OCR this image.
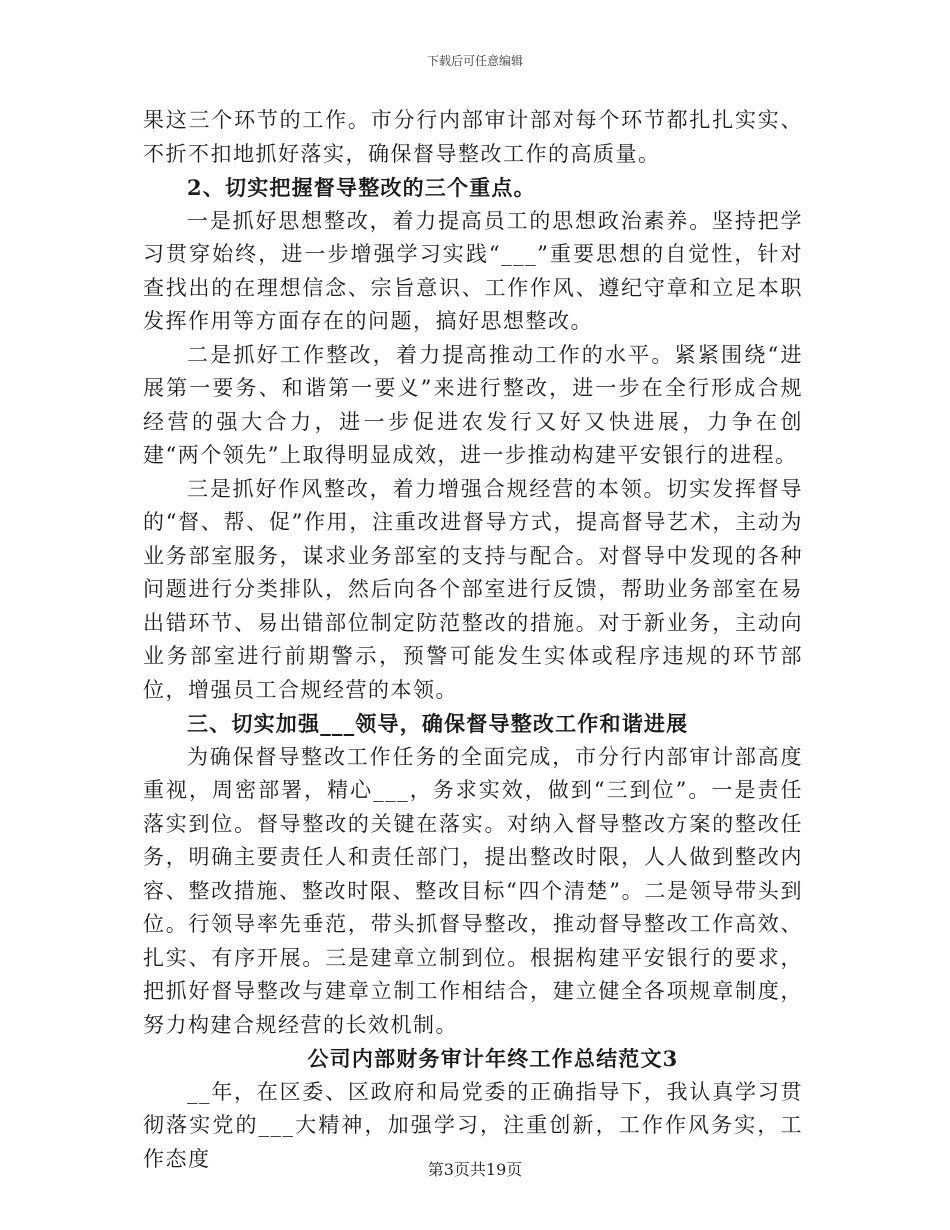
下载后可任意编辑

果这三个环节的工作。市分行内部审计部对每个环节都扎扎实实、不折不扣地抓好落实，确保督导整改工作的高质量。

2、切实把握督导整改的三个重点。

一是抓好思想整改，着力提高员工的思想政治素养。坚持把学习贯穿始终，进一步增强学习实践“___”重要思想的自觉性，针对查找出的在理想信念、宗旨意识、工作作风、遵纪守章和立足本职发挥作用等方面存在的问题，搞好思想整改。

二是抓好工作整改，着力提高推动工作的水平。紧紧围绕“进展第一要务、和谐第一要义”来进行整改，进一步在全行形成合规经营的强大合力，进一步促进农发行又好又快进展，力争在创建“两个领先”上取得明显成效，进一步推动构建平安银行的进程。

三是抓好作风整改，着力增强合规经营的本领。切实发挥督导的“督、帮、促”作用，注重改进督导方式，提高督导艺术，主动为业务部室服务，谋求业务部室的支持与配合。对督导中发现的各种问题进行分类排队，然后向各个部室进行反馈，帮助业务部室在易出错环节、易出错部位制定防范整改的措施。对于新业务，主动向业务部室进行前期警示，预警可能发生实体或程序违规的环节部位，增强员工合规经营的本领。

三、切实加强___领导，确保督导整改工作和谐进展

为确保督导整改工作任务的全面完成，市分行内部审计部高度重视，周密部署，精心___，务求实效，做到“三到位”。一是责任落实到位。督导整改的关键在落实。对纳入督导整改方案的整改任务，明确主要责任人和责任部门，提出整改时限，人人做到整改内容、整改措施、整改时限、整改目标“四个清楚”。二是领导带头到位。行领导率先垂范，带头抓督导整改，推动督导整改工作高效、扎实、有序开展。三是建章立制到位。根据构建平安银行的要求，把抓好督导整改与建章立制工作相结合，建立健全各项规章制度，努力构建合规经营的长效机制。

公司内部财务审计年终工作总结范文3

__年，在区委、区政府和局党委的正确指导下，我认真学习贯彻落实党的___大精神，加强学习，注重创新，工作作风务实，工作态度	第3页共19页
